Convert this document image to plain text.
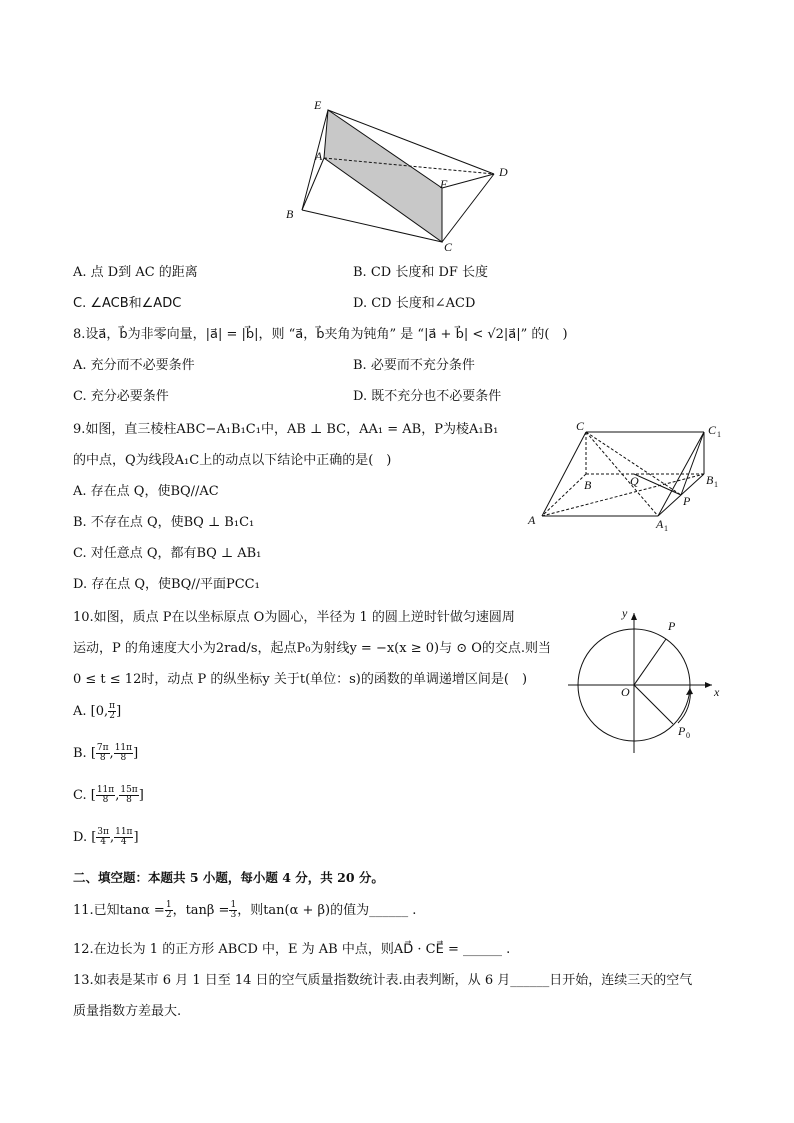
E
A
B
C
D
F
A. 点 D到 AC 的距离	B. CD 长度和 DF 长度
C. ∠ACB和∠ADC	D. CD 长度和∠ACD
8.设a⃗，b⃗为非零向量，|a⃗| = |b⃗|，则 “a⃗，b⃗夹角为钝角” 是 “|a⃗ + b⃗| < √2|a⃗|” 的(　)
A. 充分而不必要条件	B. 必要而不充分条件
C. 充分必要条件	D. 既不充分也不必要条件
9.如图，直三棱柱ABC−A₁B₁C₁中，AB ⊥ BC，AA₁ = AB，P为棱A₁B₁
的中点，Q为线段A₁C上的动点以下结论中正确的是(　)
A. 存在点 Q，使BQ//AC
B. 不存在点 Q，使BQ ⊥ B₁C₁
C. 对任意点 Q，都有BQ ⊥ AB₁
D. 存在点 Q，使BQ//平面PCC₁
C	C 1
B	Q	B 1
P
A	A 1
10.如图，质点 P在以坐标原点 O为圆心，半径为 1 的圆上逆时针做匀速圆周
运动，P 的角速度大小为2rad/s，起点P₀为射线y = −x(x ≥ 0)与 ⊙ O的交点.则当
0 ≤ t ≤ 12时，动点 P 的纵坐标y 关于t(单位：s)的函数的单调递增区间是(　)
A. [0, $\frac{\pi}{2}$ ]
B. [ $\frac{7\pi}{8}$ , $\frac{11\pi}{8}$ ]
C. [ $\frac{11\pi}{8}$ , $\frac{15\pi}{8}$ ]
D. [ $\frac{3\pi}{4}$ , $\frac{11\pi}{4}$ ]
y
x
P
O
P 0
二、填空题：本题共 5 小题，每小题 4 分，共 20 分。
11.已知$\tan\alpha = \frac{1}{2}$ ，$\tan\beta = \frac{1}{3}$ ，则tan(α + β)的值为______ .
12.在边长为 1 的正方形 ABCD 中，E 为 AB 中点，则AD⃗ · CE⃗ = ______ .
13.如表是某市 6 月 1 日至 14 日的空气质量指数统计表.由表判断，从 6 月______日开始，连续三天的空气
质量指数方差最大.
